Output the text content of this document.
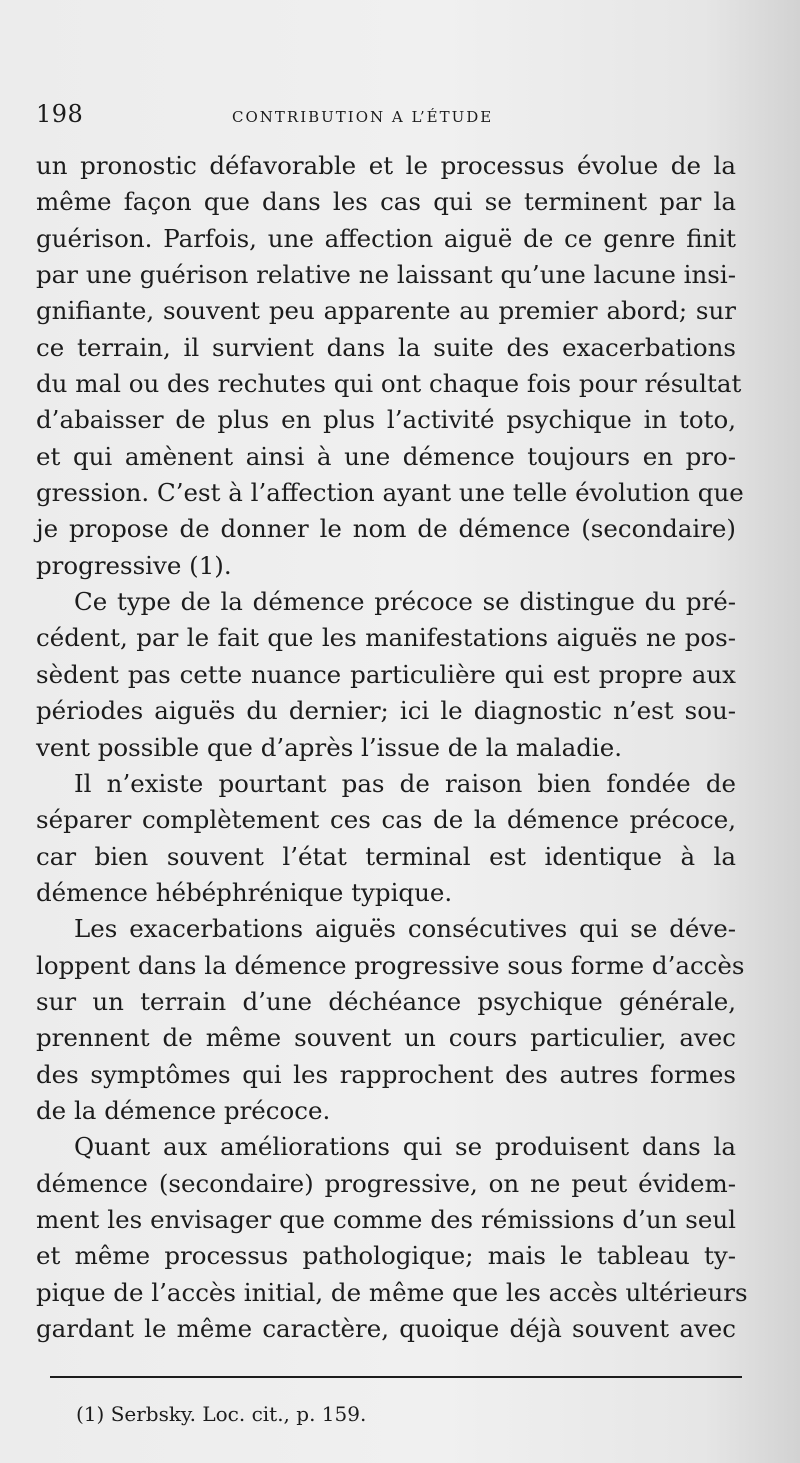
198	CONTRIBUTION A L’ÉTUDE
un pronostic défavorable et le processus évolue de la
même façon que dans les cas qui se terminent par la
guérison. Parfois, une affection aiguë de ce genre finit
par une guérison relative ne laissant qu’une lacune insi-
gnifiante, souvent peu apparente au premier abord; sur
ce terrain, il survient dans la suite des exacerbations
du mal ou des rechutes qui ont chaque fois pour résultat
d’abaisser de plus en plus l’activité psychique in toto,
et qui amènent ainsi à une démence toujours en pro-
gression. C’est à l’affection ayant une telle évolution que
je propose de donner le nom de démence (secondaire)
progressive (1).
Ce type de la démence précoce se distingue du pré-
cédent, par le fait que les manifestations aiguës ne pos-
sèdent pas cette nuance particulière qui est propre aux
périodes aiguës du dernier; ici le diagnostic n’est sou-
vent possible que d’après l’issue de la maladie.
Il n’existe pourtant pas de raison bien fondée de
séparer complètement ces cas de la démence précoce,
car bien souvent l’état terminal est identique à la
démence hébéphrénique typique.
Les exacerbations aiguës consécutives qui se déve-
loppent dans la démence progressive sous forme d’accès
sur un terrain d’une déchéance psychique générale,
prennent de même souvent un cours particulier, avec
des symptômes qui les rapprochent des autres formes
de la démence précoce.
Quant aux améliorations qui se produisent dans la
démence (secondaire) progressive, on ne peut évidem-
ment les envisager que comme des rémissions d’un seul
et même processus pathologique; mais le tableau ty-
pique de l’accès initial, de même que les accès ultérieurs
gardant le même caractère, quoique déjà souvent avec
(1) Serbsky. Loc. cit., p. 159.
